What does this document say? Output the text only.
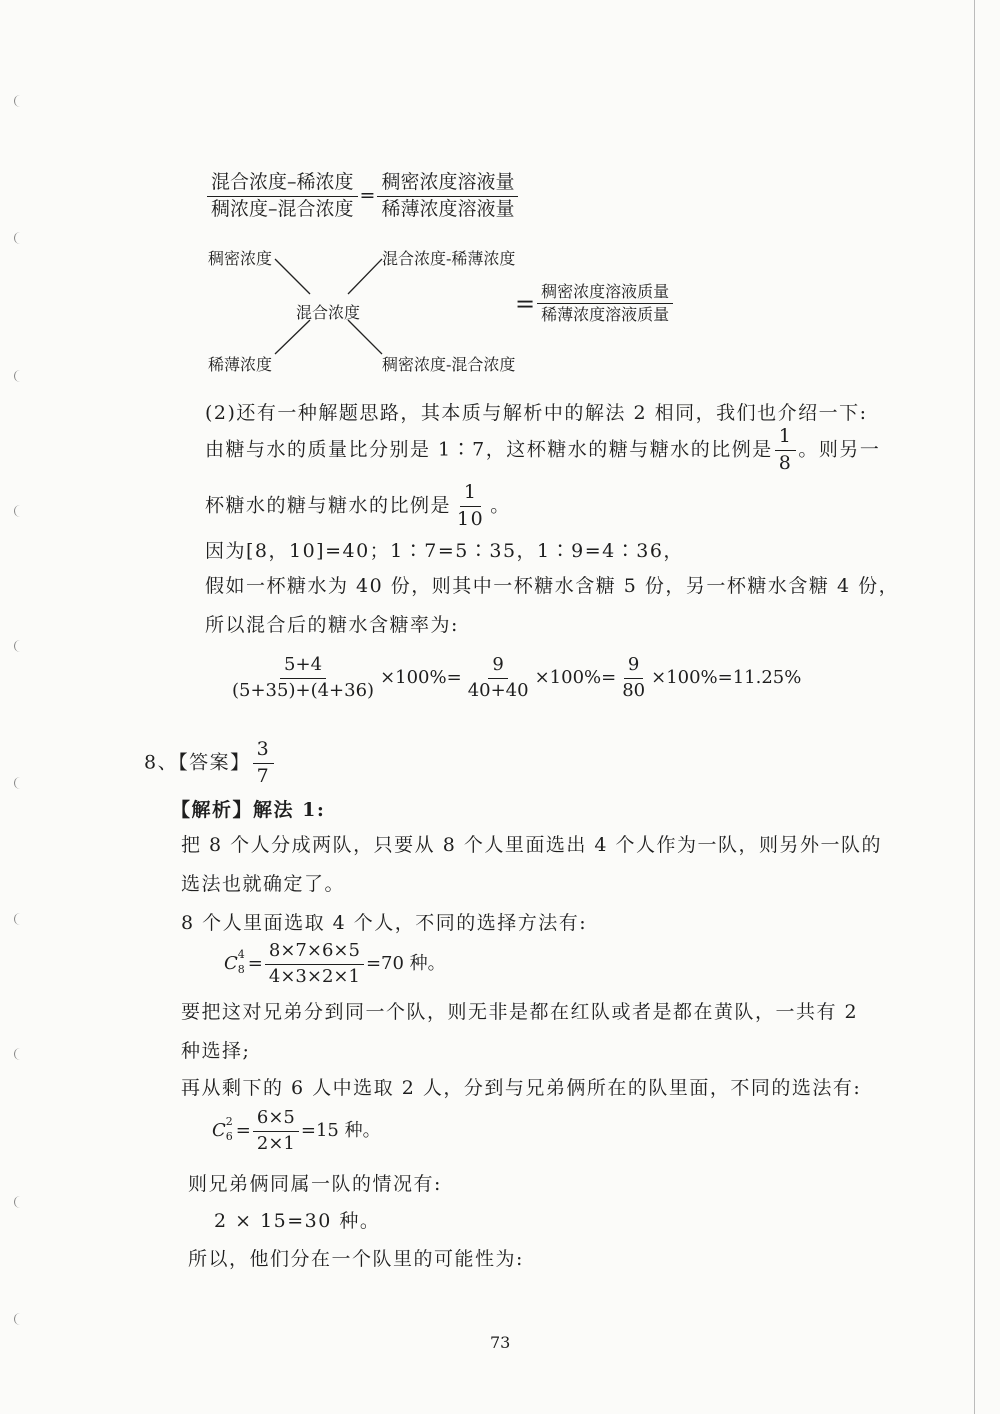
$\frac{\text{混合浓度–稀浓度}}{\text{稠浓度–混合浓度}} = \frac{\text{稠密浓度溶液量}}{\text{稀薄浓度溶液量}}$
稠密浓度	混合浓度-稀薄浓度
混合浓度
稀薄浓度	稠密浓度-混合浓度
= $\frac{\text{稠密浓度溶液质量}}{\text{稀薄浓度溶液质量}}$
(2)还有一种解题思路，其本质与解析中的解法 2 相同，我们也介绍一下:
由糖与水的质量比分别是 1∶7，这杯糖水的糖与糖水的比例是 $\frac{1}{8}$ 。则另一
杯糖水的糖与糖水的比例是 $\frac{1}{10}$ 。
因为[8，10]=40；1∶7=5∶35，1∶9=4∶36，
假如一杯糖水为 40 份，则其中一杯糖水含糖 5 份，另一杯糖水含糖 4 份，
所以混合后的糖水含糖率为:
$\frac{5+4}{(5+35)+(4+36)} \times 100\%= \frac{9}{40+40} \times 100\%= \frac{9}{80} \times 100\%=11.25\%$
8、【答案】 $\frac{3}{7}$
【解析】解法 1:
把 8 个人分成两队，只要从 8 个人里面选出 4 个人作为一队，则另外一队的
选法也就确定了。
8 个人里面选取 4 个人，不同的选择方法有:
C 4
$8 = \frac{8\times 7\times 6\times 5}{4\times 3\times 2\times 1} =70$ 种。
要把这对兄弟分到同一个队，则无非是都在红队或者是都在黄队，一共有 2
种选择;
再从剩下的 6 人中选取 2 人，分到与兄弟俩所在的队里面，不同的选法有:
C 2
$6 = \frac{6\times 5}{2\times 1} =15$ 种。
则兄弟俩同属一队的情况有:
2 × 15=30 种。
所以，他们分在一个队里的可能性为:
73
